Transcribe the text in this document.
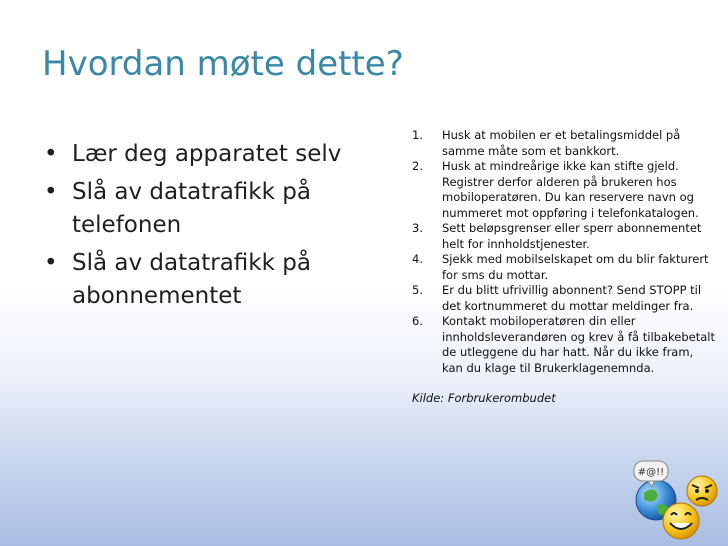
Hvordan møte dette?
• Lær deg apparatet selv
• Slå av datatrafikk på telefonen
• Slå av datatrafikk på abonnementet
1. Husk at mobilen er et betalingsmiddel på samme måte som et bankkort.
2. Husk at mindreårige ikke kan stifte gjeld. Registrer derfor alderen på brukeren hos mobiloperatøren. Du kan reservere navn og nummeret mot oppføring i telefonkatalogen.
3. Sett beløpsgrenser eller sperr abonnementet helt for innholdstjenester.
4. Sjekk med mobilselskapet om du blir fakturert for sms du mottar.
5. Er du blitt ufrivillig abonnent? Send STOPP til det kortnummeret du mottar meldinger fra.
6. Kontakt mobiloperatøren din eller innholdsleverandøren og krev å få tilbakebetalt de utleggene du har hatt. Når du ikke fram, kan du klage til Brukerklagenemnda.
Kilde: Forbrukerombudet
#@!!
